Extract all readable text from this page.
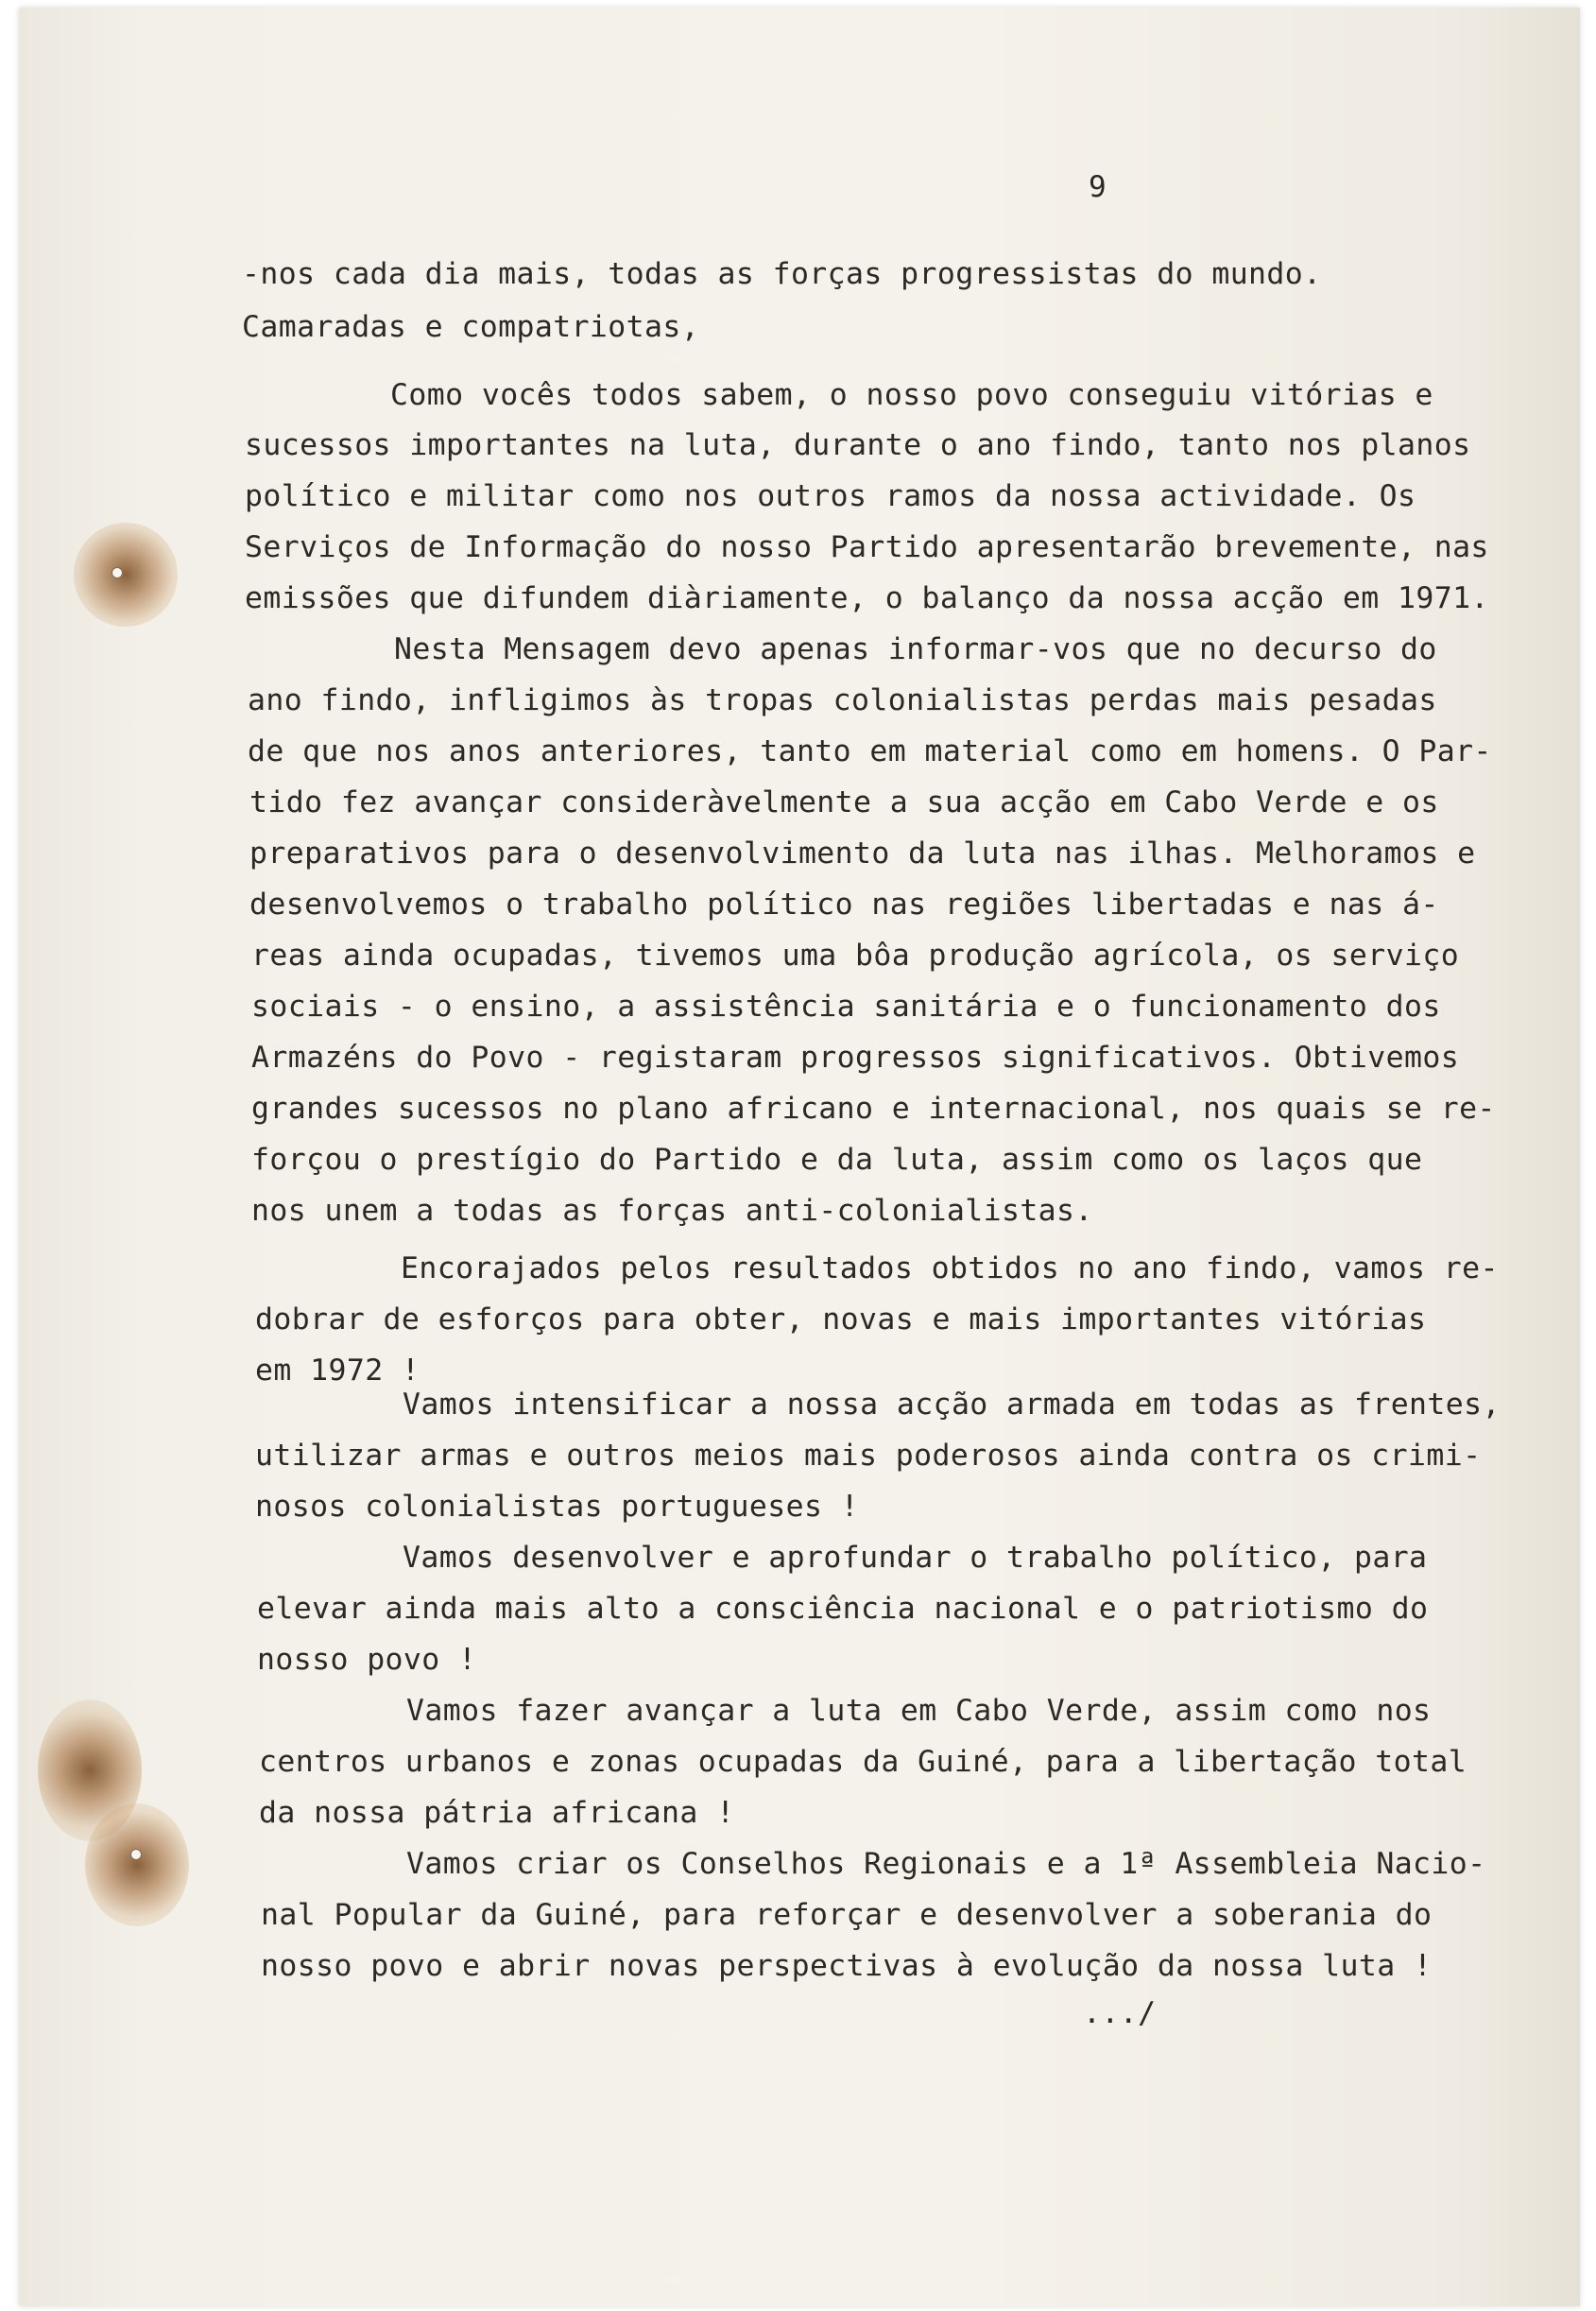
9
-nos cada dia mais, todas as forças progressistas do mundo.
Camaradas e compatriotas,
Como vocês todos sabem, o nosso povo conseguiu vitórias e
sucessos importantes na luta, durante o ano findo, tanto nos planos
político e militar como nos outros ramos da nossa actividade. Os
Serviços de Informação do nosso Partido apresentarão brevemente, nas
emissões que difundem diàriamente, o balanço da nossa acção em 1971.
Nesta Mensagem devo apenas informar-vos que no decurso do
ano findo, infligimos às tropas colonialistas perdas mais pesadas
de que nos anos anteriores, tanto em material como em homens. O Par-
tido fez avançar consideràvelmente a sua acção em Cabo Verde e os
preparativos para o desenvolvimento da luta nas ilhas. Melhoramos e
desenvolvemos o trabalho político nas regiões libertadas e nas á-
reas ainda ocupadas, tivemos uma bôa produção agrícola, os serviço
sociais - o ensino, a assistência sanitária e o funcionamento dos
Armazéns do Povo - registaram progressos significativos. Obtivemos
grandes sucessos no plano africano e internacional, nos quais se re-
forçou o prestígio do Partido e da luta, assim como os laços que
nos unem a todas as forças anti-colonialistas.
Encorajados pelos resultados obtidos no ano findo, vamos re-
dobrar de esforços para obter, novas e mais importantes vitórias
em 1972 !
Vamos intensificar a nossa acção armada em todas as frentes,
utilizar armas e outros meios mais poderosos ainda contra os crimi-
nosos colonialistas portugueses !
Vamos desenvolver e aprofundar o trabalho político, para
elevar ainda mais alto a consciência nacional e o patriotismo do
nosso povo !
Vamos fazer avançar a luta em Cabo Verde, assim como nos
centros urbanos e zonas ocupadas da Guiné, para a libertação total
da nossa pátria africana !
Vamos criar os Conselhos Regionais e a 1ª Assembleia Nacio-
nal Popular da Guiné, para reforçar e desenvolver a soberania do
nosso povo e abrir novas perspectivas à evolução da nossa luta !
.../
